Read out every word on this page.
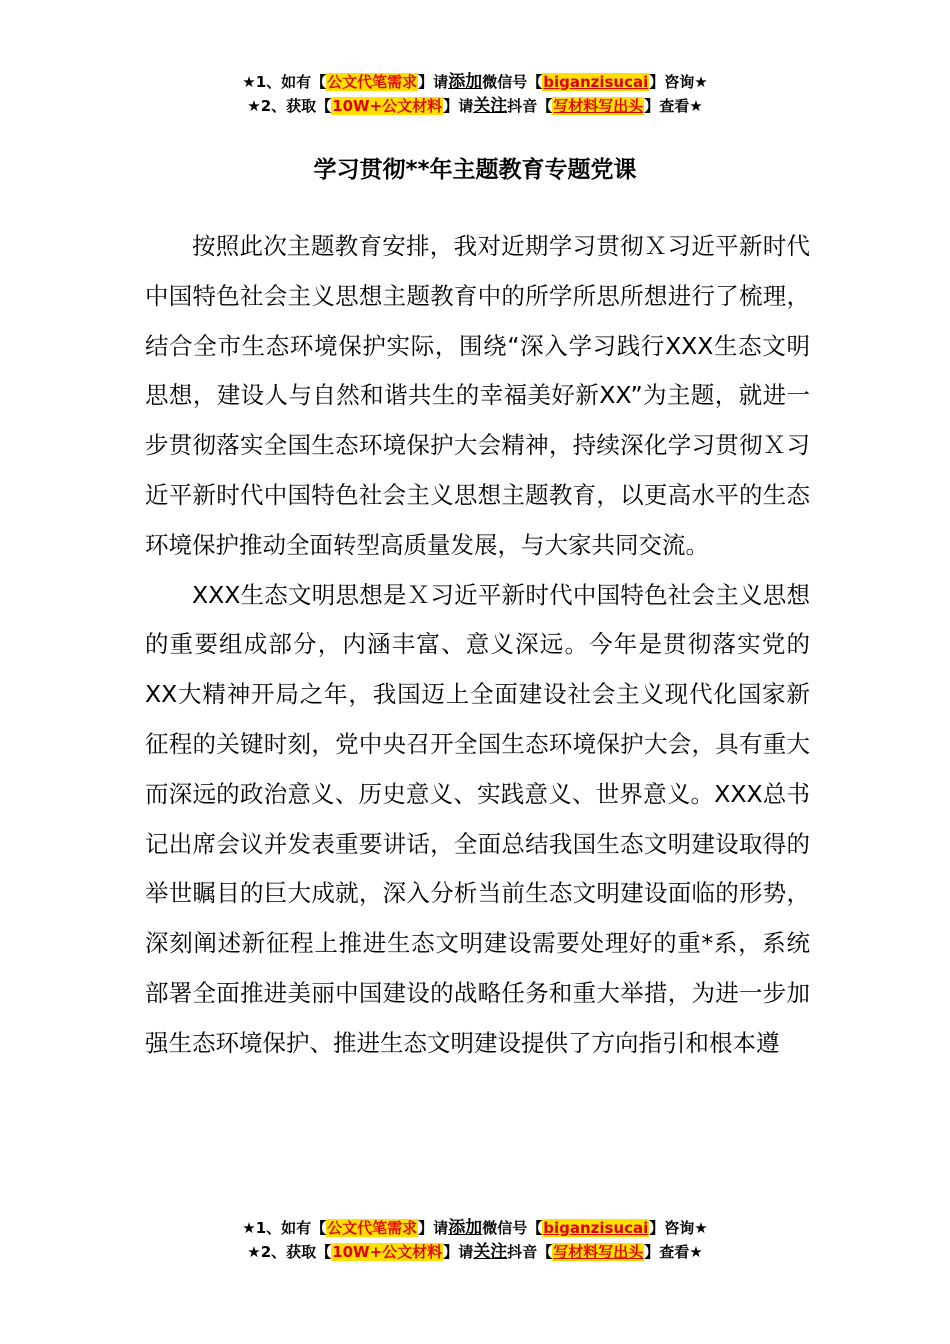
★1、如有【公文代笔需求】请添加微信号【biganzisucai】咨询★
★2、获取【10W+公文材料】请关注抖音【写材料写出头】查看★
学习贯彻**年主题教育专题党课

按照此次主题教育安排，我对近期学习贯彻Ｘ习近平新时代中国特色社会主义思想主题教育中的所学所思所想进行了梳理，结合全市生态环境保护实际，围绕“深入学习践行XXX生态文明思想，建设人与自然和谐共生的幸福美好新XX”为主题，就进一步贯彻落实全国生态环境保护大会精神，持续深化学习贯彻Ｘ习近平新时代中国特色社会主义思想主题教育，以更高水平的生态环境保护推动全面转型高质量发展，与大家共同交流。

XXX生态文明思想是Ｘ习近平新时代中国特色社会主义思想的重要组成部分，内涵丰富、意义深远。今年是贯彻落实党的XX大精神开局之年，我国迈上全面建设社会主义现代化国家新征程的关键时刻，党中央召开全国生态环境保护大会，具有重大而深远的政治意义、历史意义、实践意义、世界意义。XXX总书记出席会议并发表重要讲话，全面总结我国生态文明建设取得的举世瞩目的巨大成就，深入分析当前生态文明建设面临的形势，深刻阐述新征程上推进生态文明建设需要处理好的重*系，系统部署全面推进美丽中国建设的战略任务和重大举措，为进一步加强生态环境保护、推进生态文明建设提供了方向指引和根本遵

★1、如有【公文代笔需求】请添加微信号【biganzisucai】咨询★
★2、获取【10W+公文材料】请关注抖音【写材料写出头】查看★
